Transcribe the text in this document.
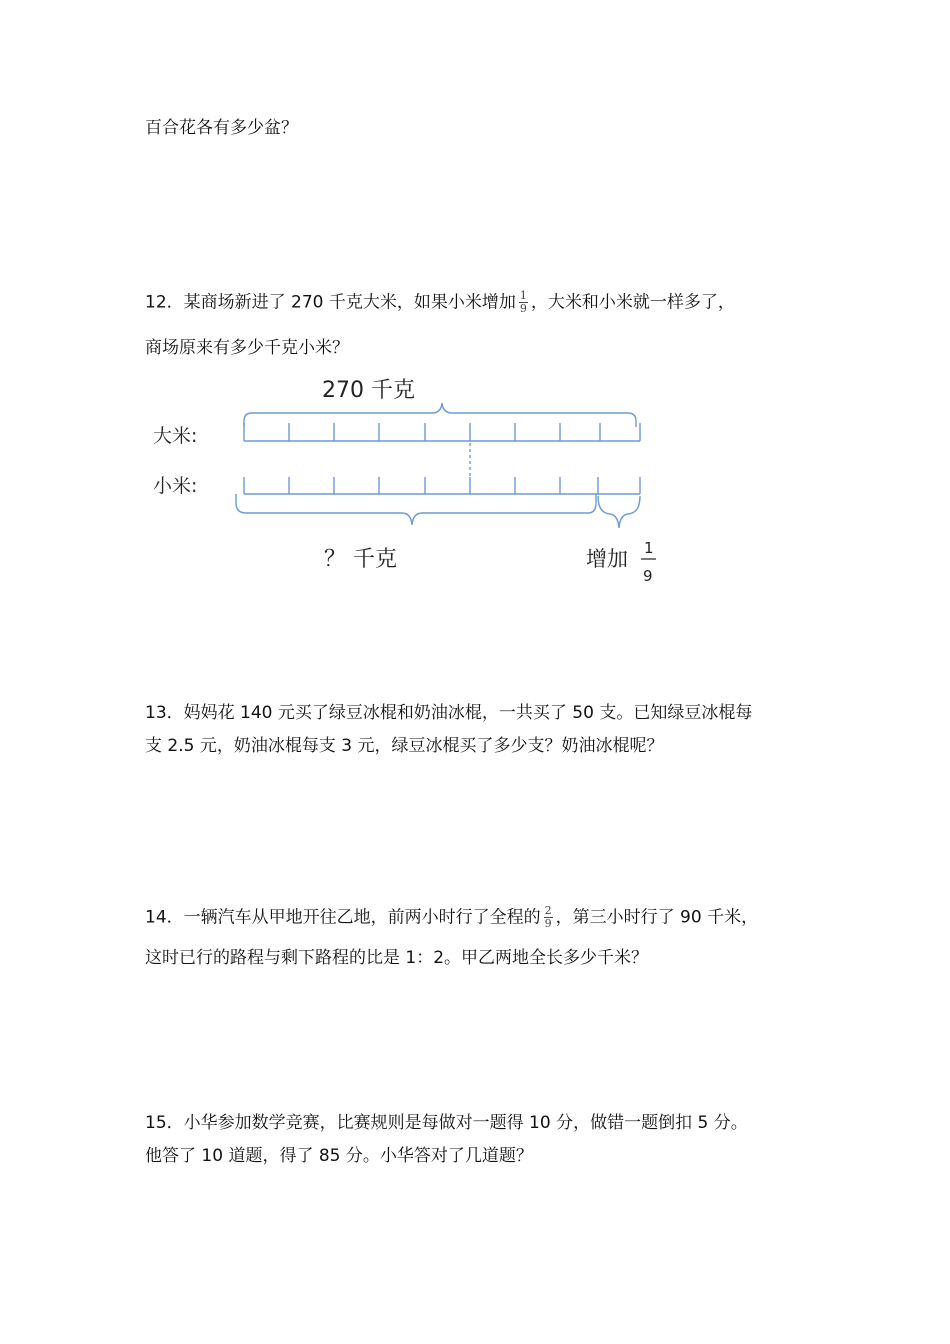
百合花各有多少盆？
12．某商场新进了 270 千克大米，如果小米增加 $\frac{1}{9}$ ，大米和小米就一样多了，
商场原来有多少千克小米？
270 千克
大米:
小米:
？ 千克	增加 1
9
13．妈妈花 140 元买了绿豆冰棍和奶油冰棍，一共买了 50 支。已知绿豆冰棍每
支 2.5 元，奶油冰棍每支 3 元，绿豆冰棍买了多少支？奶油冰棍呢？
14．一辆汽车从甲地开往乙地，前两小时行了全程的 $\frac{2}{9}$ ，第三小时行了 90 千米，
这时已行的路程与剩下路程的比是 1：2。甲乙两地全长多少千米？
15．小华参加数学竞赛，比赛规则是每做对一题得 10 分，做错一题倒扣 5 分。
他答了 10 道题，得了 85 分。小华答对了几道题？
